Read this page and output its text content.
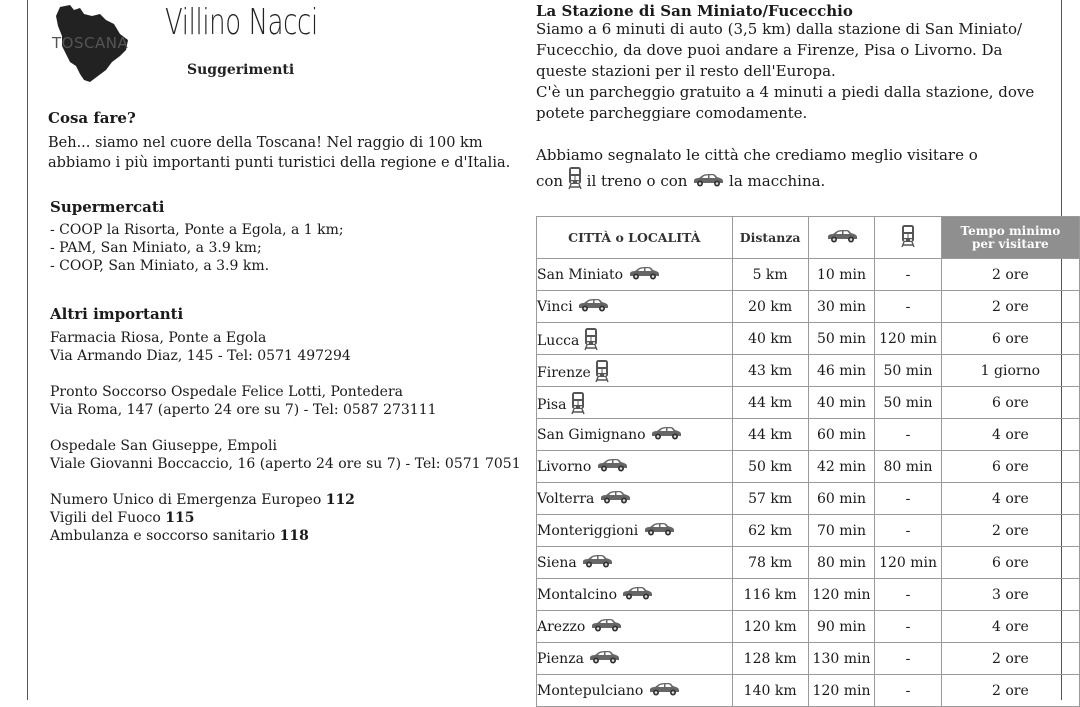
TOSCANA Villino Nacci
Suggerimenti
Cosa fare?
Beh... siamo nel cuore della Toscana! Nel raggio di 100 km abbiamo i più importanti punti turistici della regione e d'Italia.
Supermercati

- COOP la Risorta, Ponte a Egola, a 1 km;

- PAM, San Miniato, a 3.9 km;

- COOP, San Miniato, a 3.9 km.

Altri importanti

Farmacia Riosa, Ponte a Egola

Via Armando Diaz, 145 - Tel: 0571 497294

Pronto Soccorso Ospedale Felice Lotti, Pontedera

Via Roma, 147 (aperto 24 ore su 7) - Tel: 0587 273111

Ospedale San Giuseppe, Empoli

Viale Giovanni Boccaccio, 16 (aperto 24 ore su 7) - Tel: 0571 7051

Numero Unico di Emergenza Europeo 112

Vigili del Fuoco 115

Ambulanza e soccorso sanitario 118

La Stazione di San Miniato/Fucecchio
Siamo a 6 minuti di auto (3,5 km) dalla stazione di San Miniato/ Fucecchio, da dove puoi andare a Firenze, Pisa o Livorno. Da queste stazioni per il resto dell'Europa.
C'è un parcheggio gratuito a 4 minuti a piedi dalla stazione, dove potete parcheggiare comodamente.
Abbiamo segnalato le città che crediamo meglio visitare o
con il treno o con	la macchina.
CITTÀ o LOCALITÀ	Distanza			Tempo minimo per visitare
San Miniato	5 km	10 min	-	2 ore
Vinci	20 km	30 min	-	2 ore
Lucca	40 km	50 min	120 min	6 ore
Firenze	43 km	46 min	50 min	1 giorno
Pisa	44 km	40 min	50 min	6 ore
San Gimignano	44 km	60 min	-	4 ore
Livorno	50 km	42 min	80 min	6 ore
Volterra	57 km	60 min	-	4 ore
Monteriggioni	62 km	70 min	-	2 ore
Siena	78 km	80 min	120 min	6 ore
Montalcino	116 km	120 min	-	3 ore
Arezzo	120 km	90 min	-	4 ore
Pienza	128 km	130 min	-	2 ore
Montepulciano	140 km	120 min	-	2 ore
